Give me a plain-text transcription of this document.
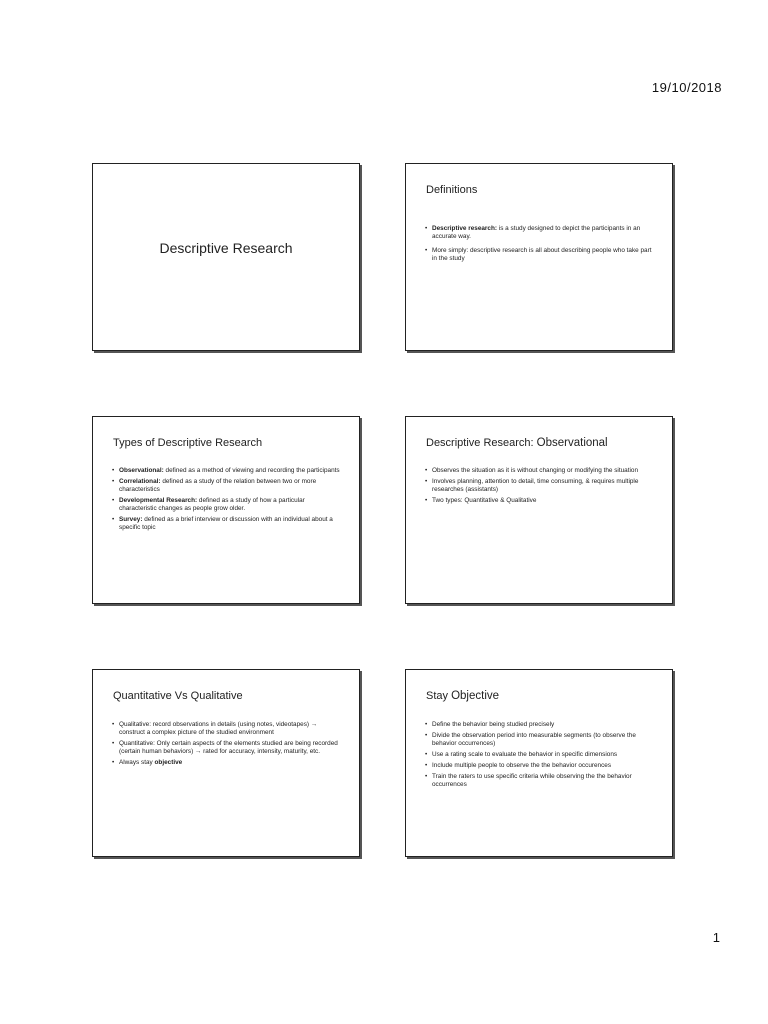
19/10/2018
Descriptive Research
Definitions
• Descriptive research: is a study designed to depict the participants in an accurate way.
• More simply: descriptive research is all about describing people who take part in the study
Types of Descriptive Research
• Observational: defined as a method of viewing and recording the participants
• Correlational: defined as a study of the relation between two or more characteristics
• Developmental Research: defined as a study of how a particular characteristic changes as people grow older.
• Survey: defined as a brief interview or discussion with an individual about a specific topic
Descriptive Research: Observational
• Observes the situation as it is without changing or modifying the situation
• Involves planning, attention to detail, time consuming, & requires multiple researches (assistants)
• Two types: Quantitative & Qualitative
Quantitative Vs Qualitative
• Qualitative: record observations in details (using notes, videotapes) → construct a complex picture of the studied environment
• Quantitative: Only certain aspects of the elements studied are being recorded (certain human behaviors) → rated for accuracy, intensity, maturity, etc.
• Always stay objective
Stay Objective
• Define the behavior being studied precisely
• Divide the observation period into measurable segments (to observe the behavior occurrences)
• Use a rating scale to evaluate the behavior in specific dimensions
• Include multiple people to observe the the behavior occurences
• Train the raters to use specific criteria while observing the the behavior occurrences
1
